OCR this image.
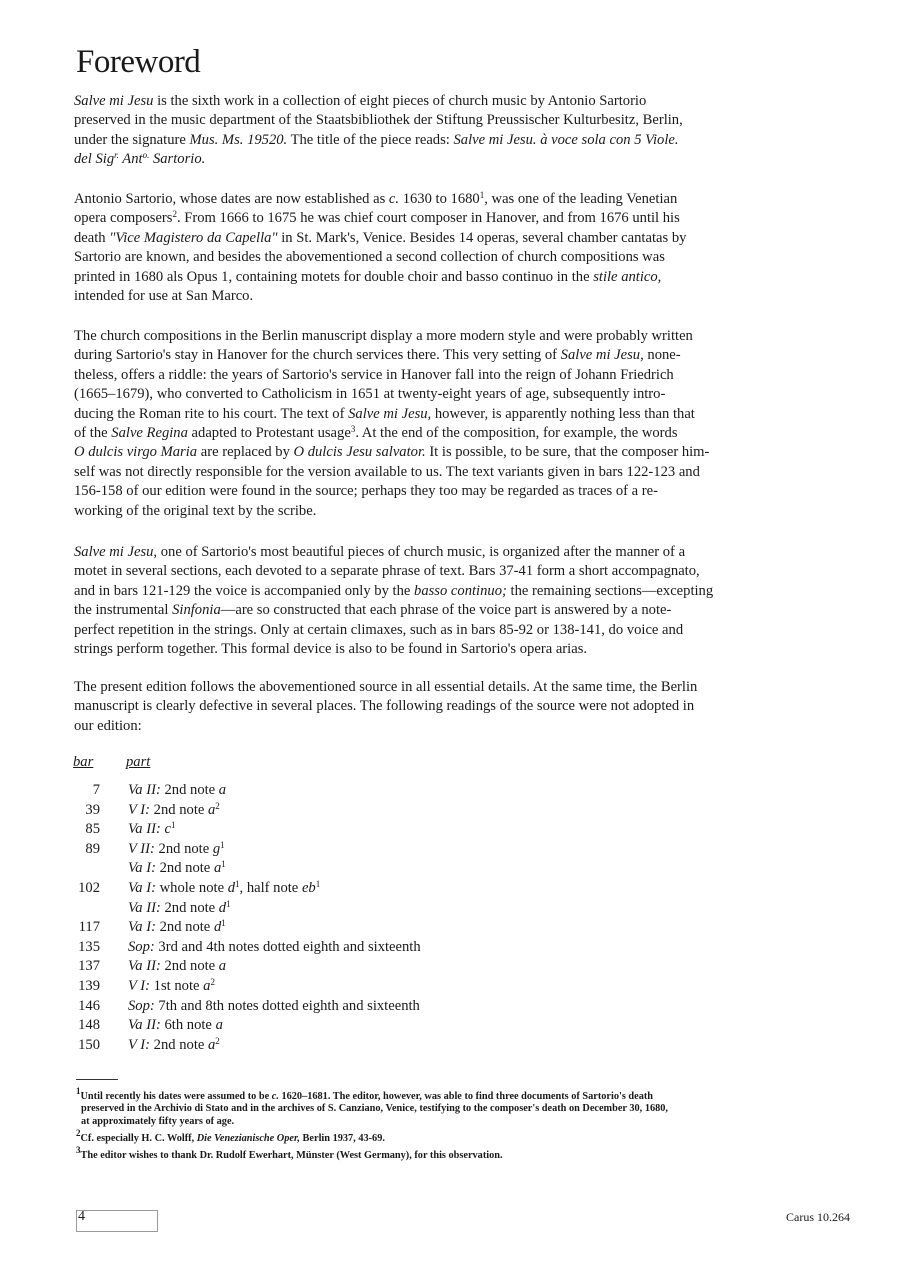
Foreword
Salve mi Jesu is the sixth work in a collection of eight pieces of church music by Antonio Sartorio
preserved in the music department of the Staatsbibliothek der Stiftung Preussischer Kulturbesitz, Berlin,
under the signature Mus. Ms. 19520. The title of the piece reads: Salve mi Jesu. à voce sola con 5 Viole.
del Sig$^{r.}$ Ant$^{o.}$ Sartorio.
Antonio Sartorio, whose dates are now established as c. 1630 to 1680$^1$, was one of the leading Venetian
opera composers$^2$. From 1666 to 1675 he was chief court composer in Hanover, and from 1676 until his
death "Vice Magistero da Capella" in St. Mark's, Venice. Besides 14 operas, several chamber cantatas by
Sartorio are known, and besides the abovementioned a second collection of church compositions was
printed in 1680 als Opus 1, containing motets for double choir and basso continuo in the stile antico,
intended for use at San Marco.
The church compositions in the Berlin manuscript display a more modern style and were probably written
during Sartorio's stay in Hanover for the church services there. This very setting of Salve mi Jesu, none-
theless, offers a riddle: the years of Sartorio's service in Hanover fall into the reign of Johann Friedrich
(1665–1679), who converted to Catholicism in 1651 at twenty-eight years of age, subsequently intro-
ducing the Roman rite to his court. The text of Salve mi Jesu, however, is apparently nothing less than that
of the Salve Regina adapted to Protestant usage$^3$. At the end of the composition, for example, the words
O dulcis virgo Maria are replaced by O dulcis Jesu salvator. It is possible, to be sure, that the composer him-
self was not directly responsible for the version available to us. The text variants given in bars 122-123 and
156-158 of our edition were found in the source; perhaps they too may be regarded as traces of a re-
working of the original text by the scribe.
Salve mi Jesu, one of Sartorio's most beautiful pieces of church music, is organized after the manner of a
motet in several sections, each devoted to a separate phrase of text. Bars 37-41 form a short accompagnato,
and in bars 121-129 the voice is accompanied only by the basso continuo; the remaining sections—excepting
the instrumental Sinfonia—are so constructed that each phrase of the voice part is answered by a note-
perfect repetition in the strings. Only at certain climaxes, such as in bars 85-92 or 138-141, do voice and
strings perform together. This formal device is also to be found in Sartorio's opera arias.
The present edition follows the abovementioned source in all essential details. At the same time, the Berlin
manuscript is clearly defective in several places. The following readings of the source were not adopted in
our edition:
bar part
7 Va II: 2nd note a
39 V I: 2nd note $a^2$
85 Va II: $c^1$
89 V II: 2nd note $g^1$
Va I: 2nd note $a^1$
102 Va I: whole note $d^1$, half note $eb^1$
Va II: 2nd note $d^1$
117 Va I: 2nd note $d^1$
135 Sop: 3rd and 4th notes dotted eighth and sixteenth
137 Va II: 2nd note a
139 V I: 1st note $a^2$
146 Sop: 7th and 8th notes dotted eighth and sixteenth
148 Va II: 6th note a
150 V I: 2nd note $a^2$
$^1$Until recently his dates were assumed to be c. 1620–1681. The editor, however, was able to find three documents of Sartorio's death
preserved in the Archivio di Stato and in the archives of S. Canziano, Venice, testifying to the composer's death on December 30, 1680,
at approximately fifty years of age.
$^2$Cf. especially H. C. Wolff, Die Venezianische Oper, Berlin 1937, 43-69.
$^3$The editor wishes to thank Dr. Rudolf Ewerhart, Münster (West Germany), for this observation.
4	Carus 10.264
